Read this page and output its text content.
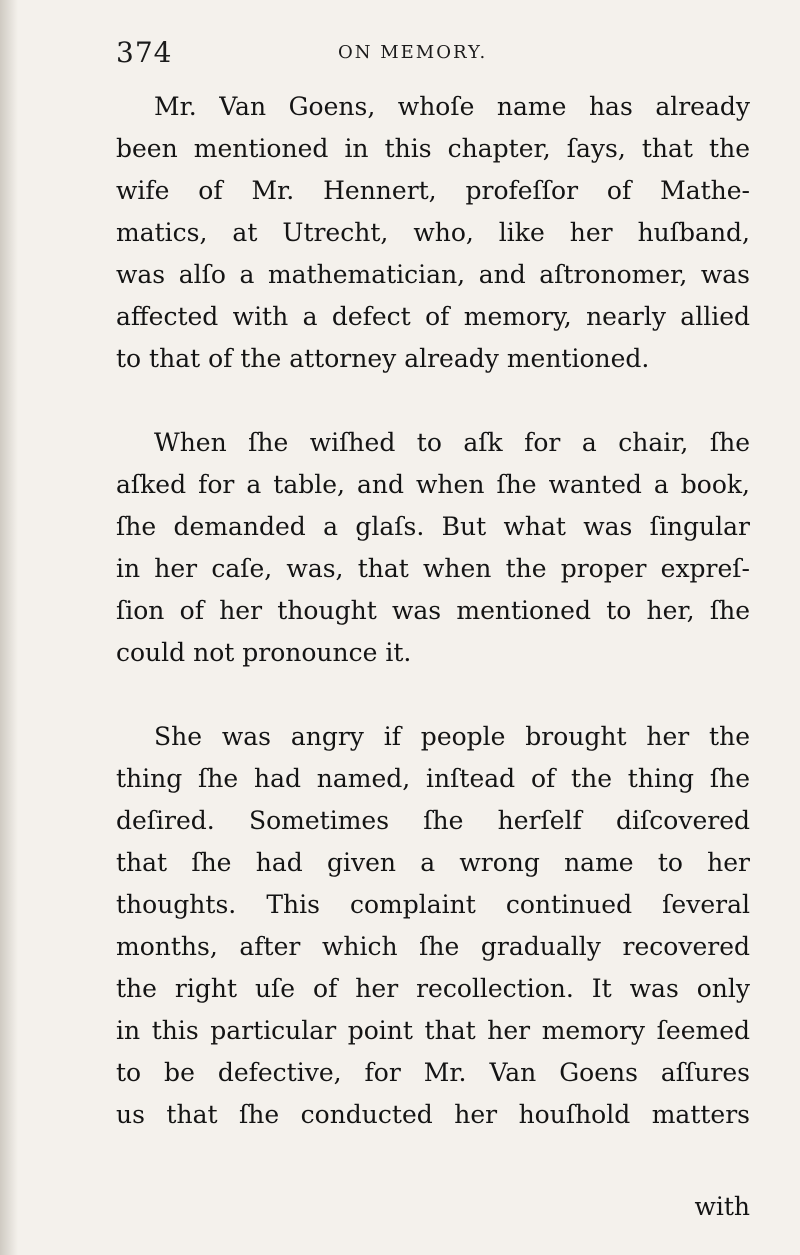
374	ON MEMORY.

Mr. Van Goens, whoſe name has already
been mentioned in this chapter, ſays, that the
wife of Mr. Hennert, profeſſor of Mathe-
matics, at Utrecht, who, like her huſband,
was alſo a mathematician, and aſtronomer, was
affected with a defect of memory, nearly allied
to that of the attorney already mentioned.

When ſhe wiſhed to aſk for a chair, ſhe
aſked for a table, and when ſhe wanted a book,
ſhe demanded a glaſs. But what was ſingular
in her caſe, was, that when the proper expreſ-
ſion of her thought was mentioned to her, ſhe
could not pronounce it.

She was angry if people brought her the
thing ſhe had named, inſtead of the thing ſhe
deſired. Sometimes ſhe herſelf diſcovered
that ſhe had given a wrong name to her
thoughts. This complaint continued ſeveral
months, after which ſhe gradually recovered
the right uſe of her recollection. It was only
in this particular point that her memory ſeemed
to be defective, for Mr. Van Goens aſſures
us that ſhe conducted her houſhold matters

with
